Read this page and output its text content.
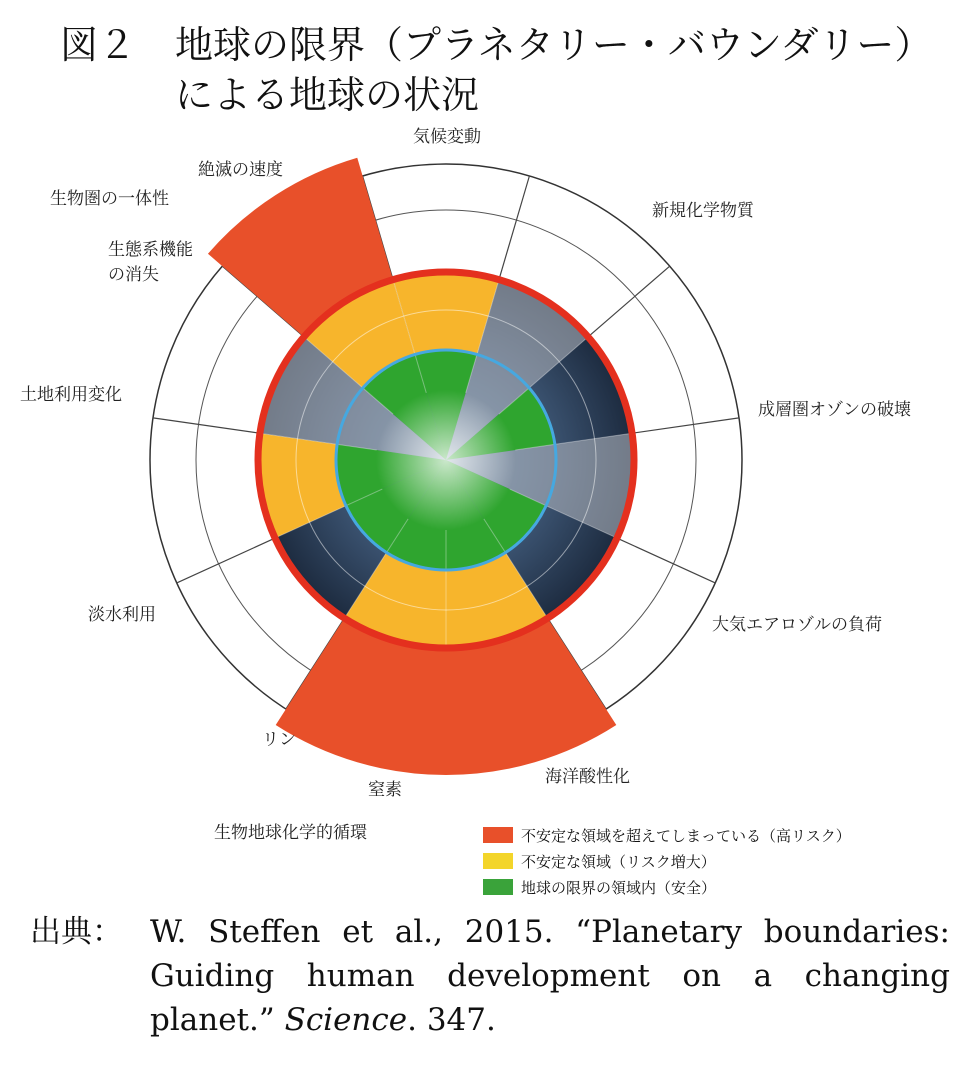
図２ 地球の限界（プラネタリー・バウンダリー）
による地球の状況
気候変動
新規化学物質
成層圏オゾンの破壊
大気エアロゾルの負荷
海洋酸性化
窒素
リン
淡水利用
土地利用変化
生態系機能の消失
絶滅の速度
生物圏の一体性
生物地球化学的循環	不安定な領域を超えてしまっている（高リスク）
不安定な領域（リスク増大）
地球の限界の領域内（安全）
出典： W. Steffen et al., 2015. “Planetary boundaries: Guiding human development on a changing planet.” Science. 347.
